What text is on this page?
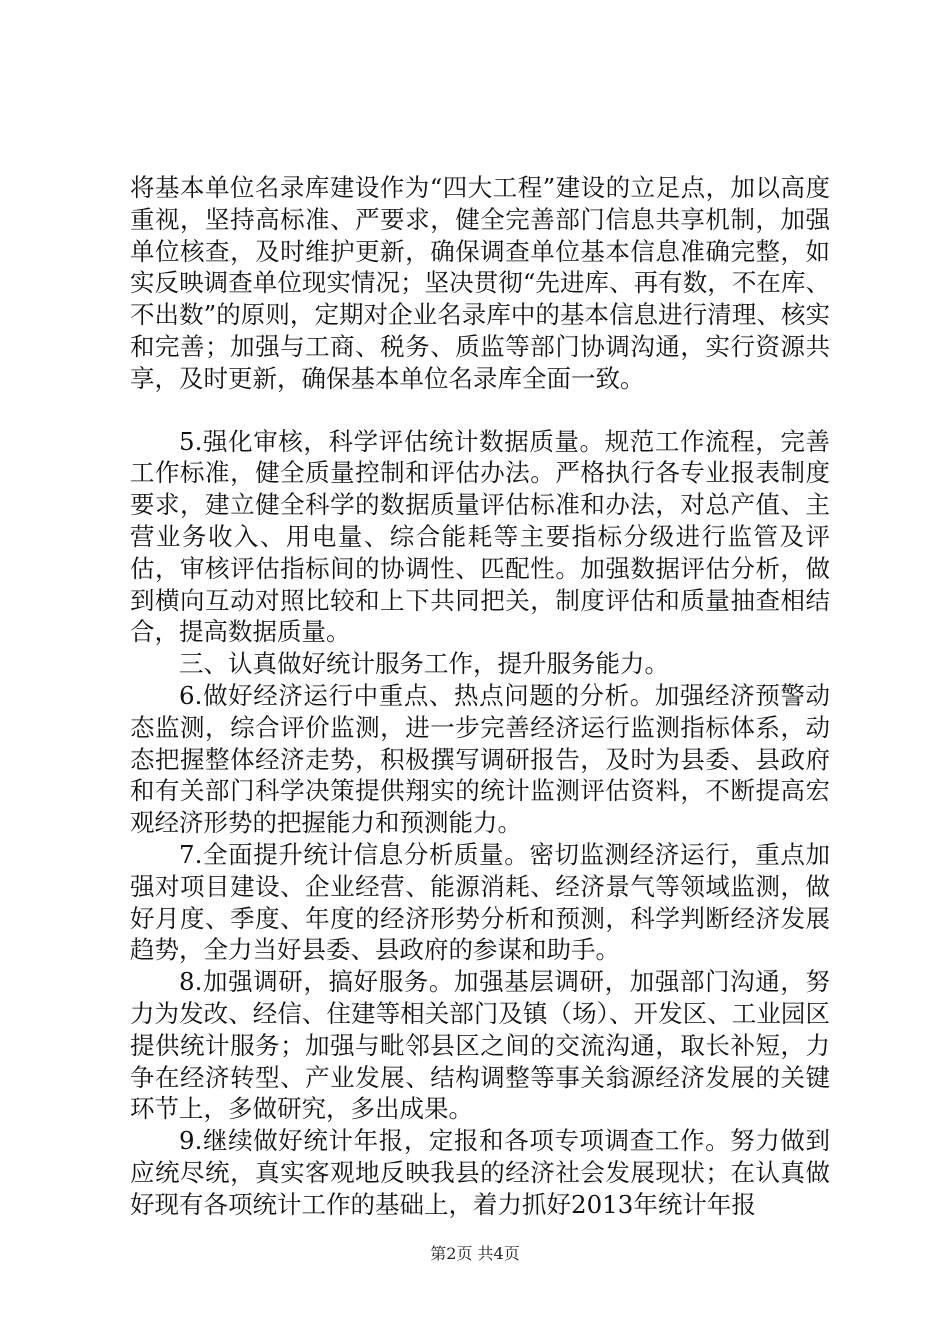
将基本单位名录库建设作为“四大工程”建设的立足点，加以高度重视，坚持高标准、严要求，健全完善部门信息共享机制，加强单位核查，及时维护更新，确保调查单位基本信息准确完整，如实反映调查单位现实情况；坚决贯彻“先进库、再有数，不在库、不出数”的原则，定期对企业名录库中的基本信息进行清理、核实和完善；加强与工商、税务、质监等部门协调沟通，实行资源共享，及时更新，确保基本单位名录库全面一致。

5.强化审核，科学评估统计数据质量。规范工作流程，完善工作标准，健全质量控制和评估办法。严格执行各专业报表制度要求，建立健全科学的数据质量评估标准和办法，对总产值、主营业务收入、用电量、综合能耗等主要指标分级进行监管及评估，审核评估指标间的协调性、匹配性。加强数据评估分析，做到横向互动对照比较和上下共同把关，制度评估和质量抽查相结合，提高数据质量。

三、认真做好统计服务工作，提升服务能力。

6.做好经济运行中重点、热点问题的分析。加强经济预警动态监测，综合评价监测，进一步完善经济运行监测指标体系，动态把握整体经济走势，积极撰写调研报告，及时为县委、县政府和有关部门科学决策提供翔实的统计监测评估资料，不断提高宏观经济形势的把握能力和预测能力。

7.全面提升统计信息分析质量。密切监测经济运行，重点加强对项目建设、企业经营、能源消耗、经济景气等领域监测，做好月度、季度、年度的经济形势分析和预测，科学判断经济发展趋势，全力当好县委、县政府的参谋和助手。

8.加强调研，搞好服务。加强基层调研，加强部门沟通，努力为发改、经信、住建等相关部门及镇（场）、开发区、工业园区提供统计服务；加强与毗邻县区之间的交流沟通，取长补短，力争在经济转型、产业发展、结构调整等事关翁源经济发展的关键环节上，多做研究，多出成果。

9.继续做好统计年报，定报和各项专项调查工作。努力做到应统尽统，真实客观地反映我县的经济社会发展现状；在认真做好现有各项统计工作的基础上，着力抓好2013年统计年报

第2页 共4页
